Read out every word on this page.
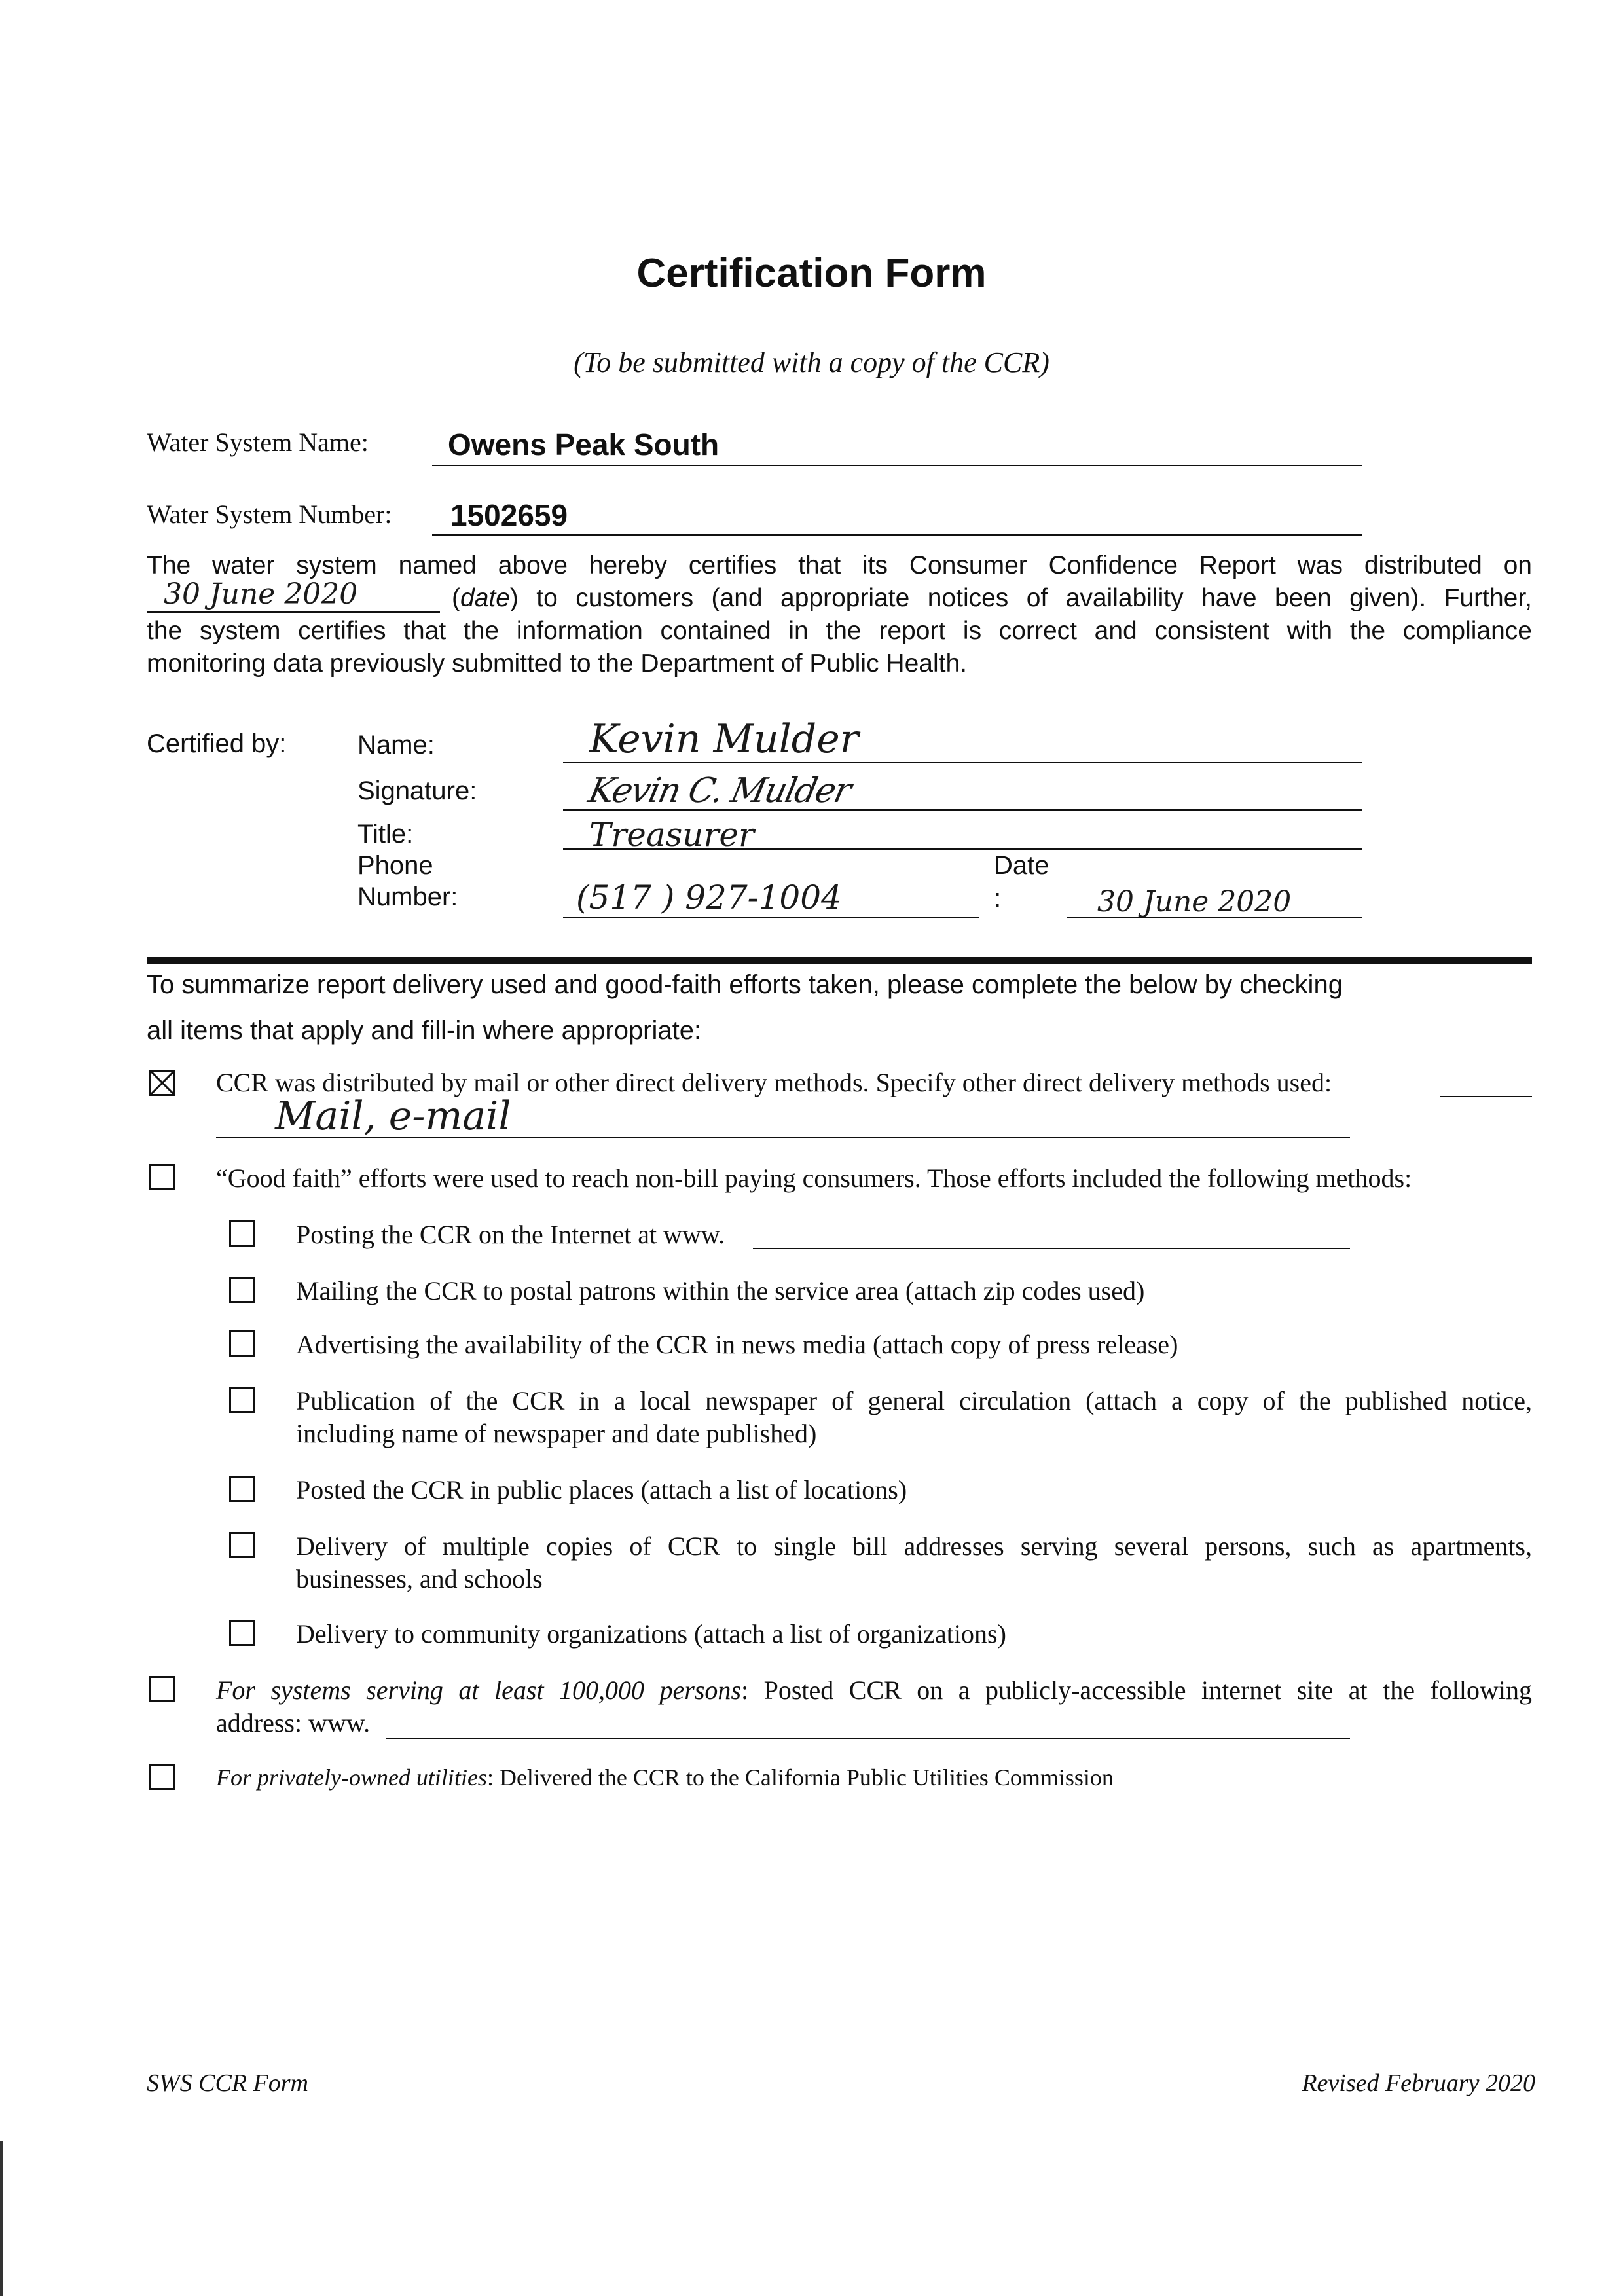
Certification Form
(To be submitted with a copy of the CCR)
Water System Name:	Owens Peak South
Water System Number: 1502659
The water system named above hereby certifies that its Consumer Confidence Report was distributed on
30 June 2020	(date) to customers (and appropriate notices of availability have been given). Further,
the system certifies that the information contained in the report is correct and consistent with the compliance
monitoring data previously submitted to the Department of Public Health.
Certified by:	Name:	Kevin Mulder
Signature:	Kevin C. Mulder
Title:	Treasurer
Phone
Number:	(517 ) 927-1004
Date
:	30 June 2020
To summarize report delivery used and good-faith efforts taken, please complete the below by checking
all items that apply and fill-in where appropriate:
CCR was distributed by mail or other direct delivery methods. Specify other direct delivery methods used:
Mail, e-mail
“Good faith” efforts were used to reach non-bill paying consumers. Those efforts included the following methods:
Posting the CCR on the Internet at www.
Mailing the CCR to postal patrons within the service area (attach zip codes used)
Advertising the availability of the CCR in news media (attach copy of press release)
Publication of the CCR in a local newspaper of general circulation (attach a copy of the published notice,
including name of newspaper and date published)
Posted the CCR in public places (attach a list of locations)
Delivery of multiple copies of CCR to single bill addresses serving several persons, such as apartments,
businesses, and schools
Delivery to community organizations (attach a list of organizations)
For systems serving at least 100,000 persons: Posted CCR on a publicly-accessible internet site at the following
address: www.
For privately-owned utilities: Delivered the CCR to the California Public Utilities Commission
SWS CCR Form	Revised February 2020
